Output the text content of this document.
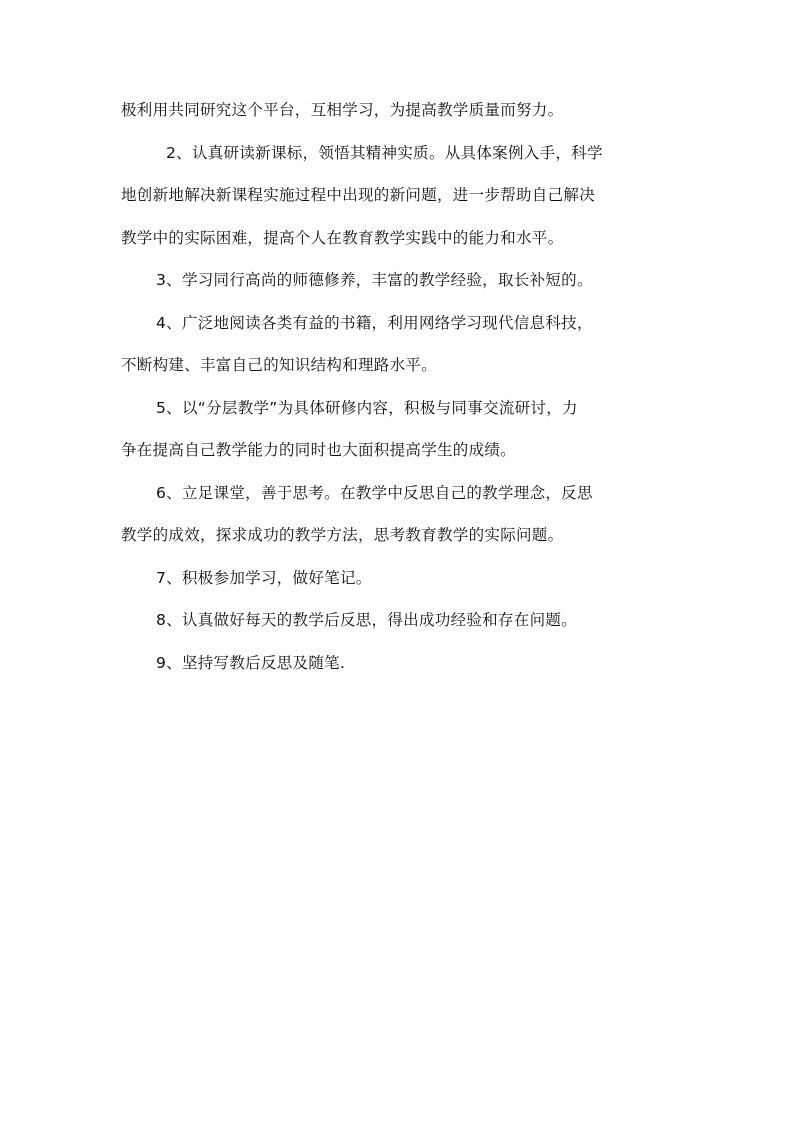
极利用共同研究这个平台，互相学习，为提高教学质量而努力。
2、认真研读新课标，领悟其精神实质。从具体案例入手，科学
地创新地解决新课程实施过程中出现的新问题，进一步帮助自己解决
教学中的实际困难，提高个人在教育教学实践中的能力和水平。
3、学习同行高尚的师德修养，丰富的教学经验，取长补短的。
4、广泛地阅读各类有益的书籍，利用网络学习现代信息科技，
不断构建、丰富自己的知识结构和理路水平。
5、以“分层教学”为具体研修内容，积极与同事交流研讨，力
争在提高自己教学能力的同时也大面积提高学生的成绩。
6、立足课堂，善于思考。在教学中反思自己的教学理念，反思
教学的成效，探求成功的教学方法，思考教育教学的实际问题。
7、积极参加学习，做好笔记。
8、认真做好每天的教学后反思，得出成功经验和存在问题。
9、坚持写教后反思及随笔.
